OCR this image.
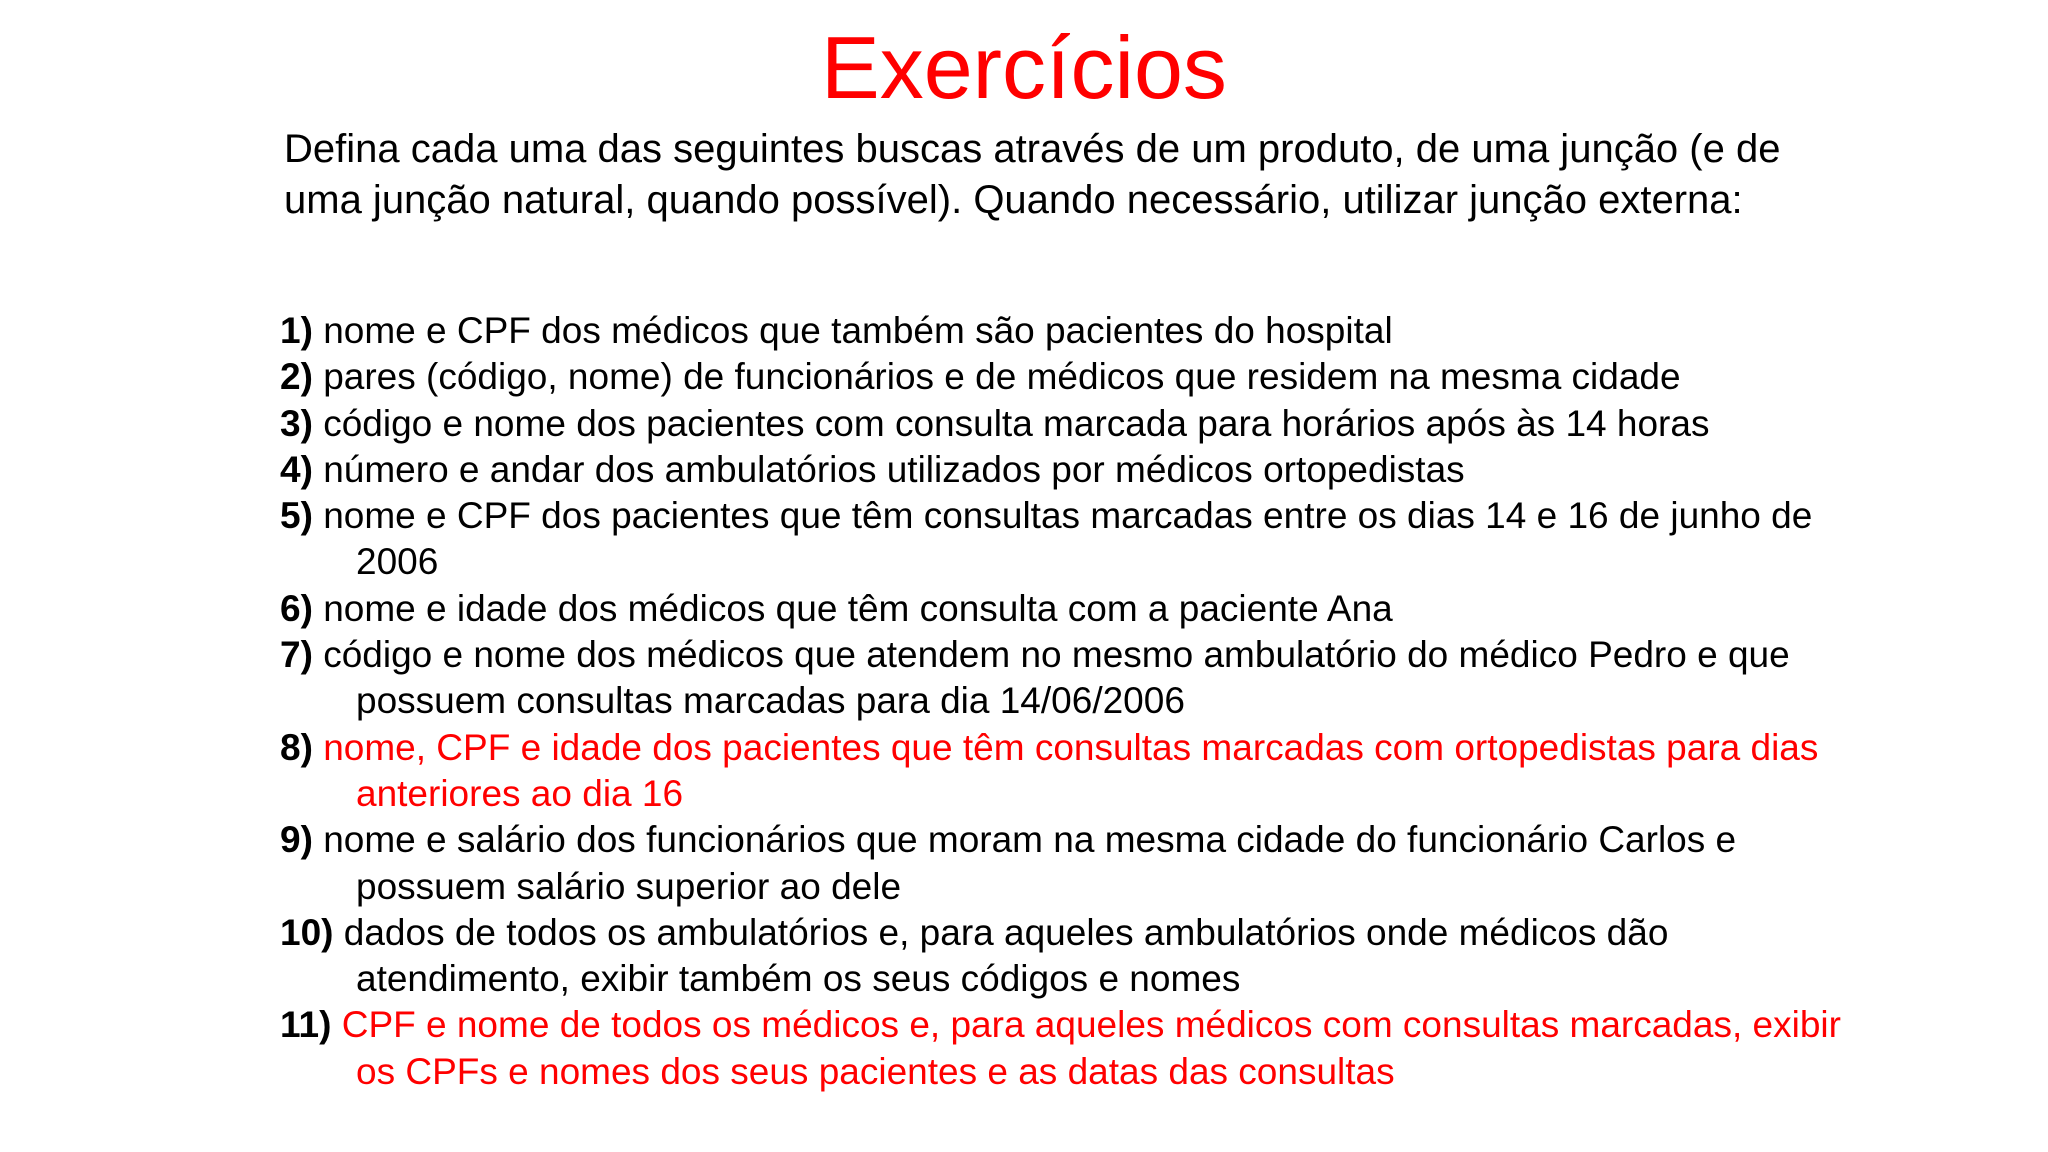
Exercícios

Defina cada uma das seguintes buscas através de um produto, de uma junção (e de uma junção natural, quando possível). Quando necessário, utilizar junção externa:

1) nome e CPF dos médicos que também são pacientes do hospital
2) pares (código, nome) de funcionários e de médicos que residem na mesma cidade
3) código e nome dos pacientes com consulta marcada para horários após às 14 horas
4) número e andar dos ambulatórios utilizados por médicos ortopedistas
5) nome e CPF dos pacientes que têm consultas marcadas entre os dias 14 e 16 de junho de 2006
6) nome e idade dos médicos que têm consulta com a paciente Ana
7) código e nome dos médicos que atendem no mesmo ambulatório do médico Pedro e que possuem consultas marcadas para dia 14/06/2006
8) nome, CPF e idade dos pacientes que têm consultas marcadas com ortopedistas para dias anteriores ao dia 16
9) nome e salário dos funcionários que moram na mesma cidade do funcionário Carlos e possuem salário superior ao dele
10) dados de todos os ambulatórios e, para aqueles ambulatórios onde médicos dão atendimento, exibir também os seus códigos e nomes
11) CPF e nome de todos os médicos e, para aqueles médicos com consultas marcadas, exibir os CPFs e nomes dos seus pacientes e as datas das consultas
